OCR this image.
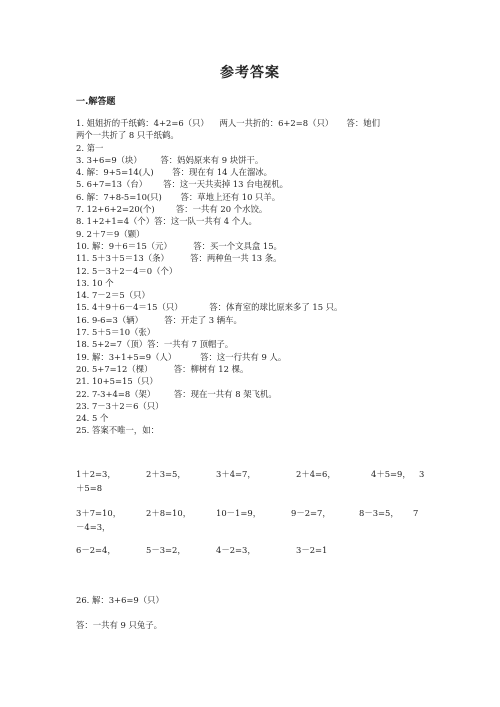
参考答案
一.解答题
1. 姐姐折的千纸鹤：4+2=6（只）    两人一共折的：6+2=8（只）     答：她们
两个一共折了 8 只千纸鹤。
2. 第一
3. 3+6=9（块）       答：妈妈原来有 9 块饼干。
4. 解：9+5=14(人)       答：现在有 14 人在溜冰。
5. 6+7=13（台）      答：这一天共卖掉 13 台电视机。
6. 解：7+8-5=10(只)       答：草地上还有 10 只羊。
7. 12+6+2=20(个)        答：一共有 20 个水饺。
8. 1+2+1=4（个）答：这一队一共有 4 个人。
9. 2＋7＝9（颗）
10. 解：9＋6＝15（元）        答：买一个文具盒 15。
11. 5＋3＋5＝13（条）        答：两种鱼一共 13 条。
12. 5－3＋2－4＝0（个）
13. 10 个
14. 7－2＝5（只）
15. 4＋9＋6－4＝15（只）          答：体育室的球比原来多了 15 只。
16. 9-6=3（辆）        答：开走了 3 辆车。
17. 5＋5＝10（张）
18. 5+2=7（顶）答：一共有 7 顶帽子。
19. 解：3+1+5=9（人）         答：这一行共有 9 人。
20. 5+7=12（棵）        答：柳树有 12 棵。
21. 10+5=15（只）
22. 7-3+4=8（架）       答：现在一共有 8 架飞机。
23. 7－3＋2＝6（只）
24. 5 个
25. 答案不唯一，如：
1＋2=3，	2＋3=5，	3＋4=7，	2＋4=6，	4＋5=9， 3
＋5=8
3＋7=10，	2＋8=10，	10－1=9，	9－2=7，	8－3=5， 7
－4=3，
6－2=4，	5－3=2，	4－2=3，	3－2=1
26. 解：3+6=9（只）
答：一共有 9 只兔子。
